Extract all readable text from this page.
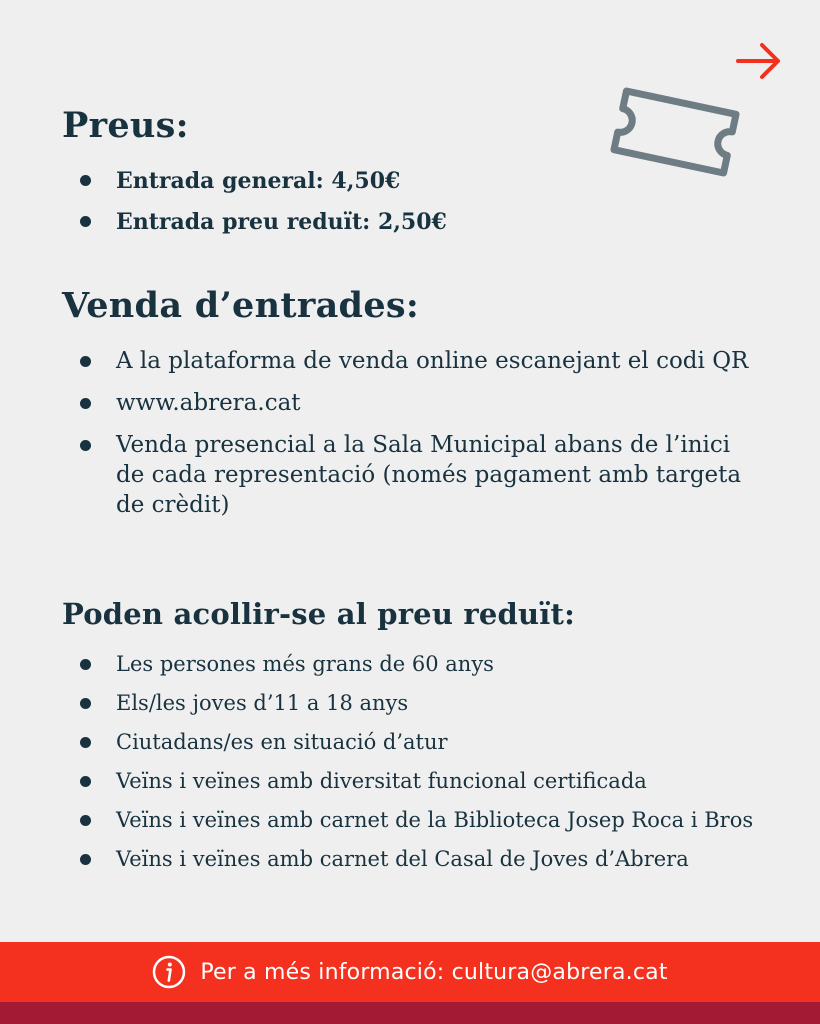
Preus:
Entrada general: 4,50€
Entrada preu reduït: 2,50€
Venda d’entrades:
A la plataforma de venda online escanejant el codi QR
www.abrera.cat
Venda presencial a la Sala Municipal abans de l’inici de cada representació (només pagament amb targeta de crèdit)
Poden acollir-se al preu reduït:
Les persones més grans de 60 anys
Els/les joves d’11 a 18 anys
Ciutadans/es en situació d’atur
Veïns i veïnes amb diversitat funcional certificada
Veïns i veïnes amb carnet de la Biblioteca Josep Roca i Bros
Veïns i veïnes amb carnet del Casal de Joves d’Abrera
Per a més informació: cultura@abrera.cat
